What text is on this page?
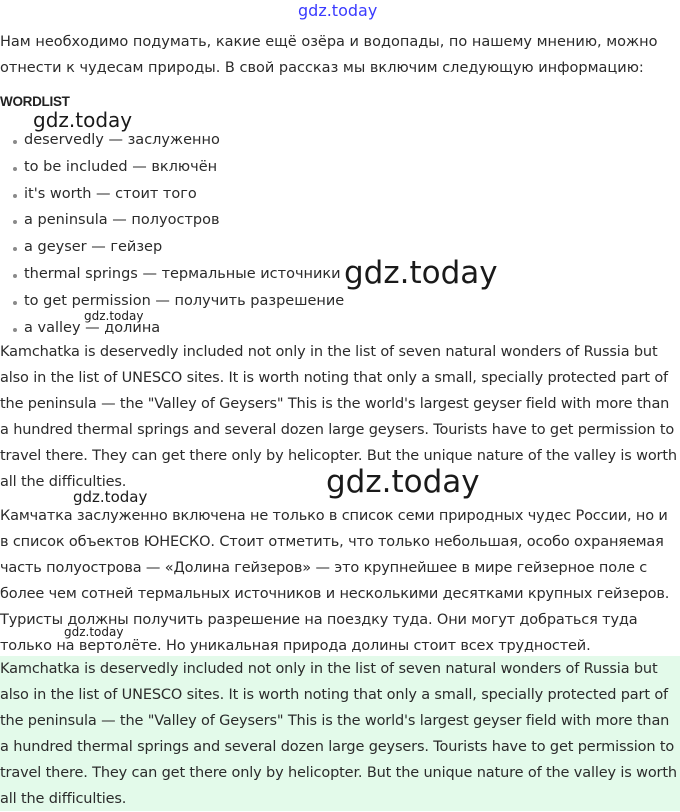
Нам необходимо подумать, какие ещё озёра и водопады, по нашему мнению, можно отнести к чудесам природы. В свой рассказ мы включим следующую информацию:

WORDLIST
deservedly — заслуженно
to be included — включён
it's worth — стоит того
a peninsula — полуостров
a geyser — гейзер
thermal springs — термальные источники
to get permission — получить разрешение
a valley — долина

Kamchatka is deservedly included not only in the list of seven natural wonders of Russia but also in the list of UNESCO sites. It is worth noting that only a small, specially protected part of the peninsula — the "Valley of Geysers" This is the world's largest geyser field with more than a hundred thermal springs and several dozen large geysers. Tourists have to get permission to travel there. They can get there only by helicopter. But the unique nature of the valley is worth all the difficulties.

Камчатка заслуженно включена не только в список семи природных чудес России, но и в список объектов ЮНЕСКО. Стоит отметить, что только небольшая, особо охраняемая часть полуострова — «Долина гейзеров» — это крупнейшее в мире гейзерное поле с более чем сотней термальных источников и несколькими десятками крупных гейзеров. Туристы должны получить разрешение на поездку туда. Они могут добраться туда только на вертолёте. Но уникальная природа долины стоит всех трудностей.

Kamchatka is deservedly included not only in the list of seven natural wonders of Russia but also in the list of UNESCO sites. It is worth noting that only a small, specially protected part of the peninsula — the "Valley of Geysers" This is the world's largest geyser field with more than a hundred thermal springs and several dozen large geysers. Tourists have to get permission to travel there. They can get there only by helicopter. But the unique nature of the valley is worth all the difficulties.

gdz.today
gdz.today
gdz.today
gdz.today
gdz.today
gdz.today
gdz.today
